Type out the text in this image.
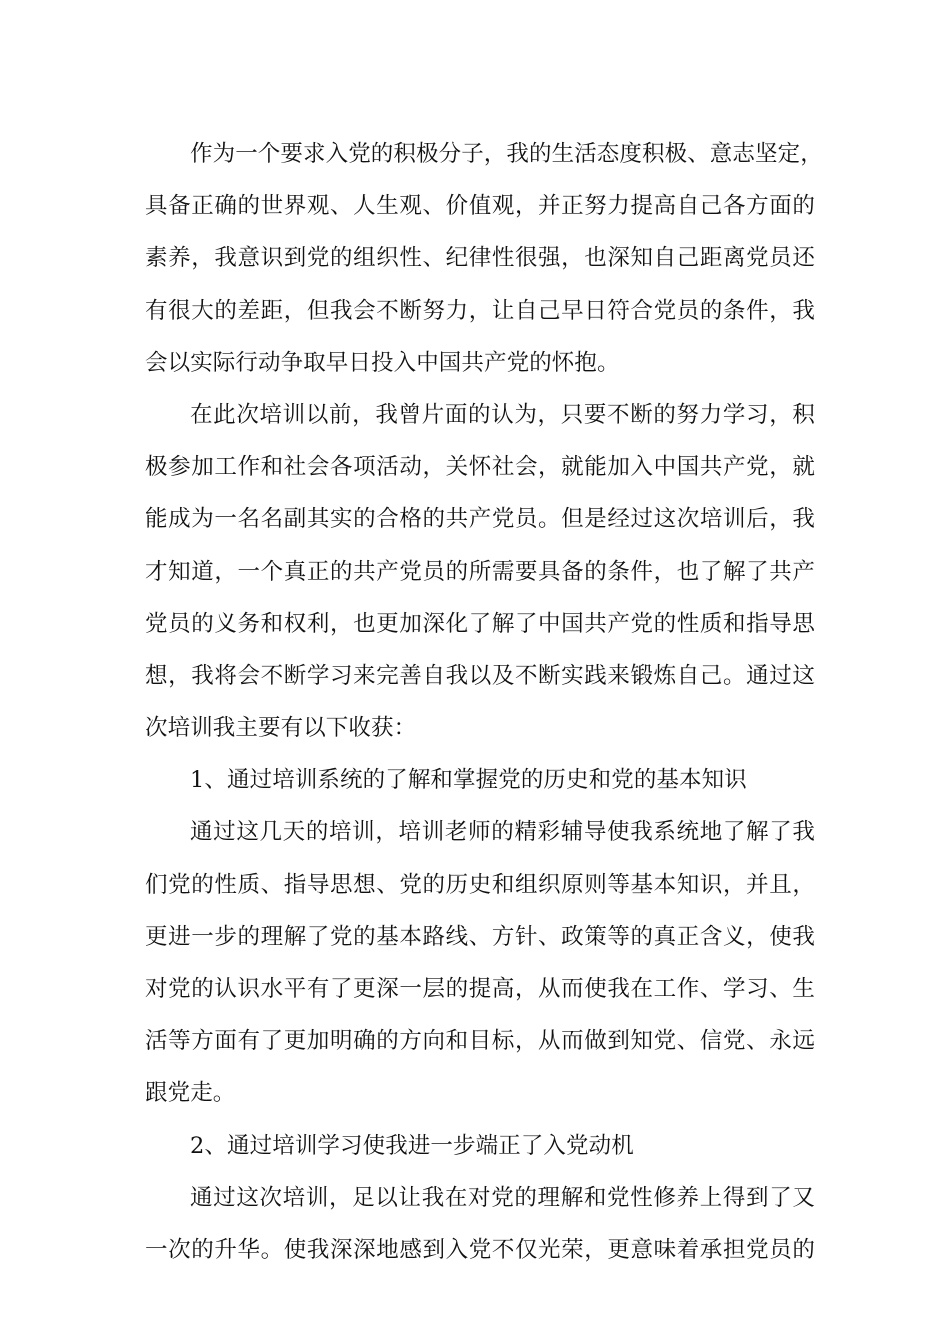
作为一个要求入党的积极分子，我的生活态度积极、意志坚定，
具备正确的世界观、人生观、价值观，并正努力提高自己各方面的
素养，我意识到党的组织性、纪律性很强，也深知自己距离党员还
有很大的差距，但我会不断努力，让自己早日符合党员的条件，我
会以实际行动争取早日投入中国共产党的怀抱。
在此次培训以前，我曾片面的认为，只要不断的努力学习，积
极参加工作和社会各项活动，关怀社会，就能加入中国共产党，就
能成为一名名副其实的合格的共产党员。但是经过这次培训后，我
才知道，一个真正的共产党员的所需要具备的条件，也了解了共产
党员的义务和权利，也更加深化了解了中国共产党的性质和指导思
想，我将会不断学习来完善自我以及不断实践来锻炼自己。通过这
次培训我主要有以下收获：
1、通过培训系统的了解和掌握党的历史和党的基本知识
通过这几天的培训，培训老师的精彩辅导使我系统地了解了我
们党的性质、指导思想、党的历史和组织原则等基本知识，并且，
更进一步的理解了党的基本路线、方针、政策等的真正含义，使我
对党的认识水平有了更深一层的提高，从而使我在工作、学习、生
活等方面有了更加明确的方向和目标，从而做到知党、信党、永远
跟党走。
2、通过培训学习使我进一步端正了入党动机
通过这次培训，足以让我在对党的理解和党性修养上得到了又
一次的升华。使我深深地感到入党不仅光荣，更意味着承担党员的
